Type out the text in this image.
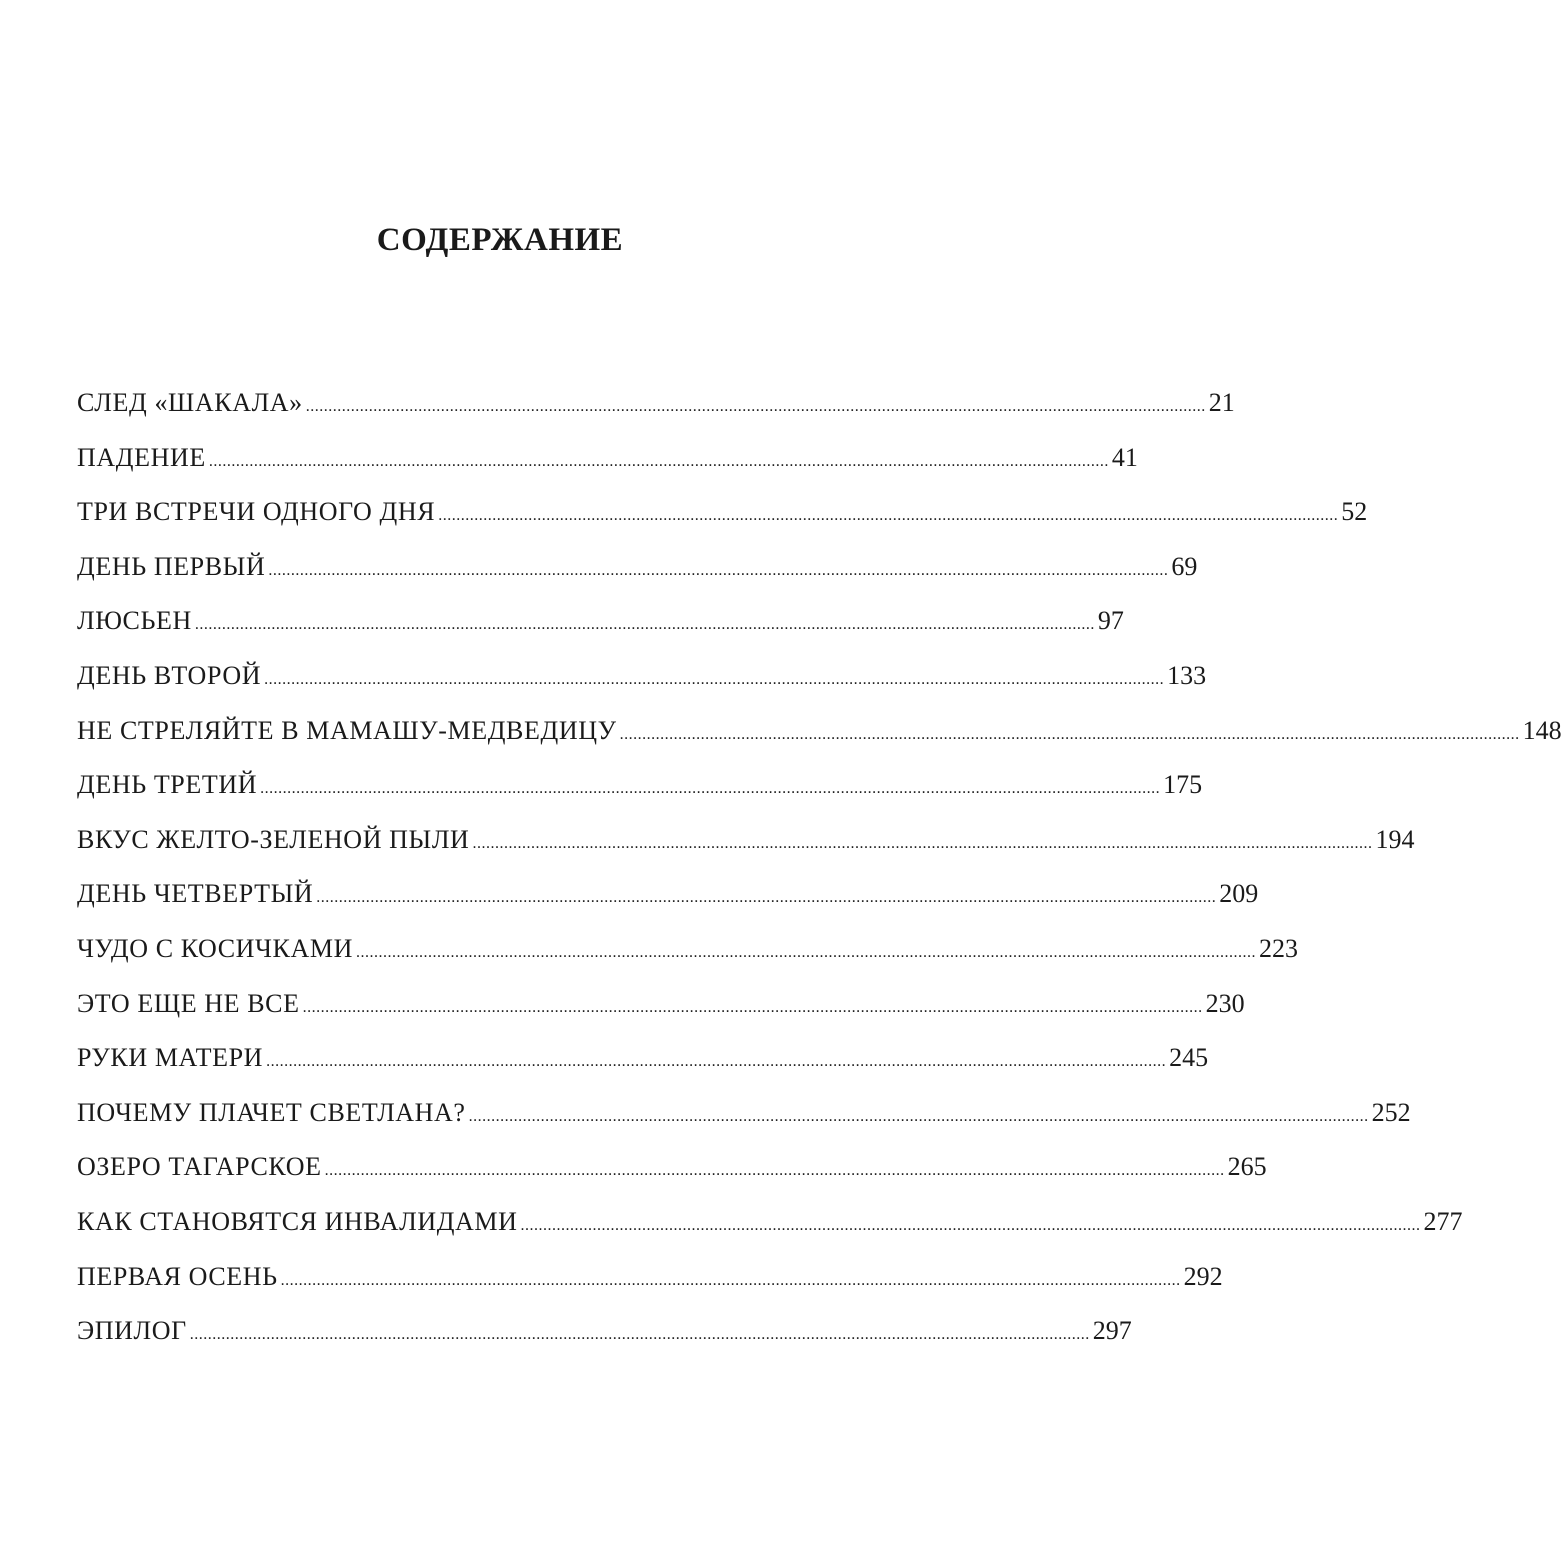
СОДЕРЖАНИЕ
СЛЕД «ШАКАЛА» ........................................................................................................................................................................................................ 21
ПАДЕНИЕ ........................................................................................................................................................................................................ 41
ТРИ ВСТРЕЧИ ОДНОГО ДНЯ ........................................................................................................................................................................................................ 52
ДЕНЬ ПЕРВЫЙ ........................................................................................................................................................................................................ 69
ЛЮСЬЕН ........................................................................................................................................................................................................ 97
ДЕНЬ ВТОРОЙ ........................................................................................................................................................................................................ 133
НЕ СТРЕЛЯЙТЕ В МАМАШУ-МЕДВЕДИЦУ ........................................................................................................................................................................................................ 148
ДЕНЬ ТРЕТИЙ ........................................................................................................................................................................................................ 175
ВКУС ЖЕЛТО-ЗЕЛЕНОЙ ПЫЛИ ........................................................................................................................................................................................................ 194
ДЕНЬ ЧЕТВЕРТЫЙ ........................................................................................................................................................................................................ 209
ЧУДО С КОСИЧКАМИ ........................................................................................................................................................................................................ 223
ЭТО ЕЩЕ НЕ ВСЕ ........................................................................................................................................................................................................ 230
РУКИ МАТЕРИ ........................................................................................................................................................................................................ 245
ПОЧЕМУ ПЛАЧЕТ СВЕТЛАНА? ........................................................................................................................................................................................................ 252
ОЗЕРО ТАГАРСКОЕ ........................................................................................................................................................................................................ 265
КАК СТАНОВЯТСЯ ИНВАЛИДАМИ ........................................................................................................................................................................................................ 277
ПЕРВАЯ ОСЕНЬ ........................................................................................................................................................................................................ 292
ЭПИЛОГ ........................................................................................................................................................................................................ 297
